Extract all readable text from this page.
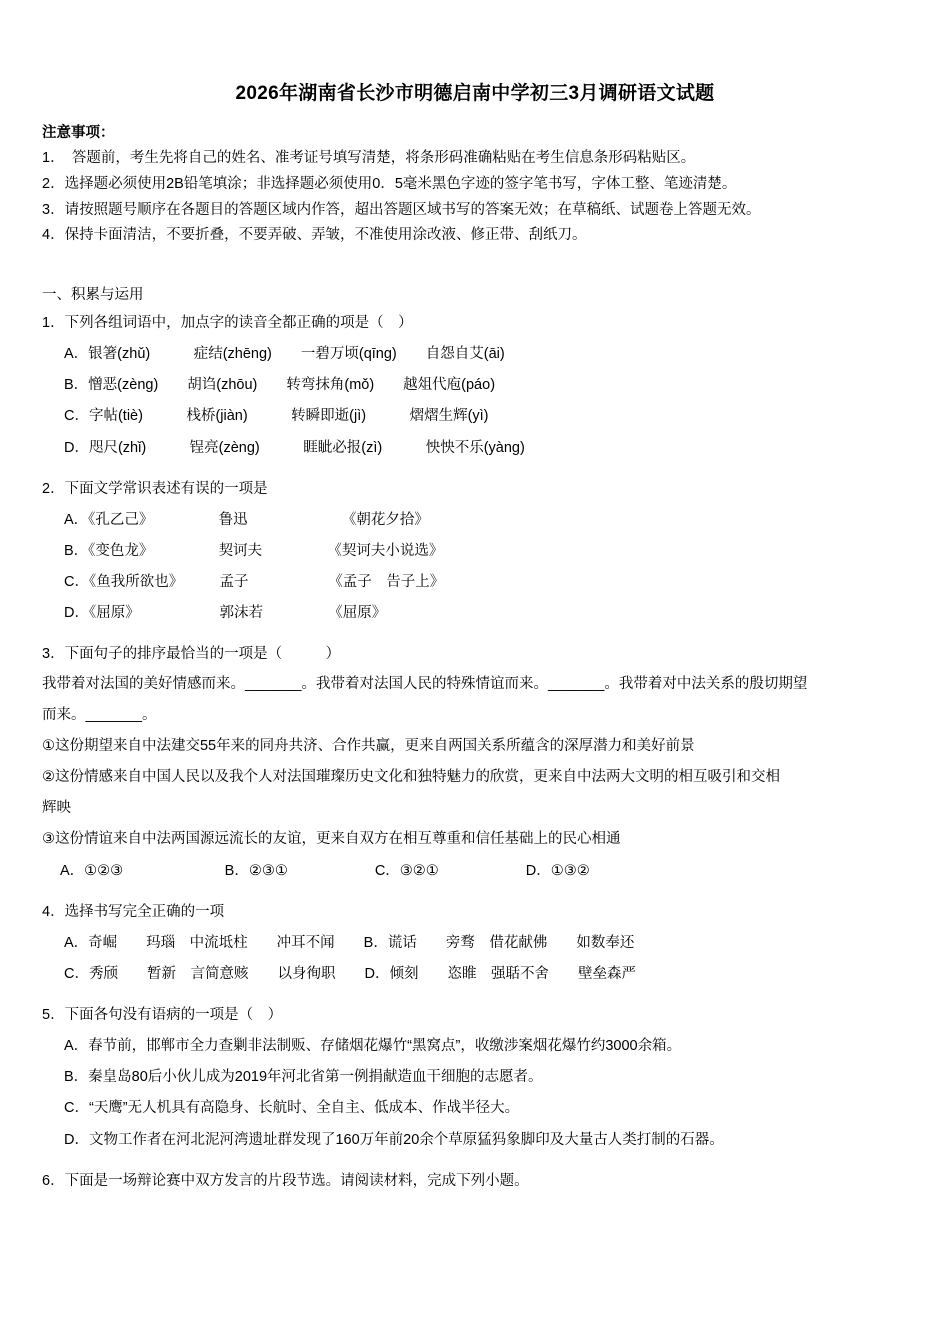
2026年湖南省长沙市明德启南中学初三3月调研语文试题
注意事项：
1．　答题前，考生先将自己的姓名、准考证号填写清楚，将条形码准确粘贴在考生信息条形码粘贴区。
2．选择题必须使用2B铅笔填涂；非选择题必须使用0．5毫米黑色字迹的签字笔书写，字体工整、笔迹清楚。
3．请按照题号顺序在各题目的答题区域内作答，超出答题区域书写的答案无效；在草稿纸、试题卷上答题无效。
4．保持卡面清洁，不要折叠，不要弄破、弄皱，不准使用涂改液、修正带、刮纸刀。
一、积累与运用
1．下列各组词语中，加点字的读音全都正确的项是（　）
A．银箸(zhǔ)　　　症结(zhēng)　　一碧万顷(qīng)　　自怨自艾(āi)
B．憎恶(zèng)　　胡诌(zhōu)　　转弯抹角(mǒ)　　越俎代庖(páo)
C．字帖(tiè)　　　栈桥(jiàn)　　　转瞬即逝(jì)　　　熠熠生辉(yì)
D．咫尺(zhǐ)　　　锃亮(zèng)　　　睚眦必报(zì)　　　怏怏不乐(yàng)
2．下面文学常识表述有误的一项是
A．《孔乙己》　　　　　鲁迅　　　　　　　《朝花夕拾》
B．《变色龙》　　　　　契诃夫　　　　　《契诃夫小说选》
C．《鱼我所欲也》　　　孟子　　　　　　《孟子　告子上》
D．《屈原》　　　　　　郭沫若　　　　　《屈原》
3．下面句子的排序最恰当的一项是（　　　）
我带着对法国的美好情感而来。_______。我带着对法国人民的特殊情谊而来。_______。我带着对中法关系的殷切期望
而来。_______。
①这份期望来自中法建交55年来的同舟共济、合作共赢，更来自两国关系所蕴含的深厚潜力和美好前景
②这份情感来自中国人民以及我个人对法国璀璨历史文化和独特魅力的欣赏，更来自中法两大文明的相互吸引和交相
辉映
③这份情谊来自中法两国源远流长的友谊，更来自双方在相互尊重和信任基础上的民心相通
A．①②③　　　　　　　B．②③①　　　　　　C．③②①　　　　　　D．①③②
4．选择书写完全正确的一项
A．奇崛　　玛瑙　中流坻柱　　冲耳不闻　　B．谎话　　旁骛　借花献佛　　如数奉还
C．秀颀　　暂新　言简意赅　　以身徇职　　D．倾刻　　恣睢　强聒不舍　　壁垒森严
5．下面各句没有语病的一项是（　）
A．春节前，邯郸市全力查剿非法制贩、存储烟花爆竹“黑窝点”，收缴涉案烟花爆竹约3000余箱。
B．秦皇岛80后小伙儿成为2019年河北省第一例捐献造血干细胞的志愿者。
C．“天鹰”无人机具有高隐身、长航时、全自主、低成本、作战半径大。
D．文物工作者在河北泥河湾遗址群发现了160万年前20余个草原猛犸象脚印及大量古人类打制的石器。
6．下面是一场辩论赛中双方发言的片段节选。请阅读材料，完成下列小题。
